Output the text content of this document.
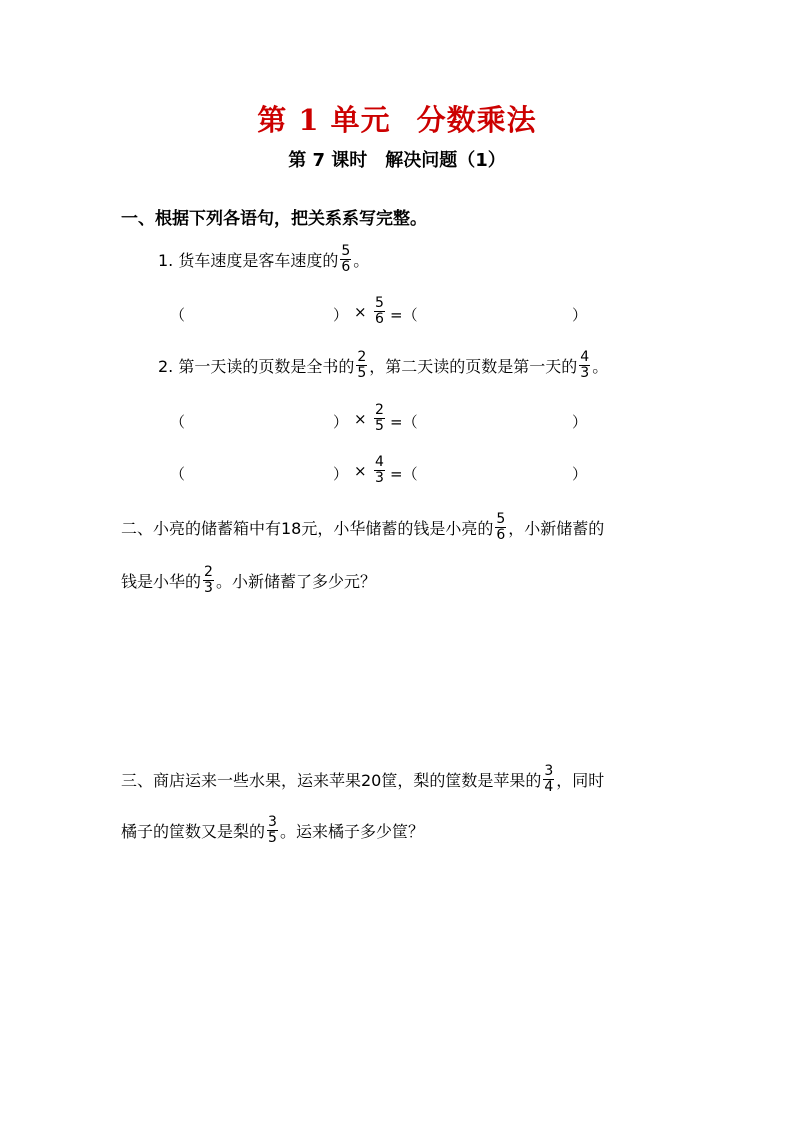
第 1 单元 分数乘法
第 7 课时 解决问题（1）
一、根据下列各语句，把关系系写完整。
1. 货车速度是客车速度的 $\frac{5}{6}$ 。
（	） × $\frac{5}{6}$ =（	）
2. 第一天读的页数是全书的 $\frac{2}{5}$ ，第二天读的页数是第一天的 $\frac{4}{3}$ 。
（	） × $\frac{2}{5}$ =（	）
（	） × $\frac{4}{3}$ =（	）
二、小亮的储蓄箱中有18元，小华储蓄的钱是小亮的 $\frac{5}{6}$ ，小新储蓄的
钱是小华的 $\frac{2}{3}$ 。小新储蓄了多少元？
三、商店运来一些水果，运来苹果20筐，梨的筐数是苹果的 $\frac{3}{4}$ ，同时
橘子的筐数又是梨的 $\frac{3}{5}$ 。运来橘子多少筐？
